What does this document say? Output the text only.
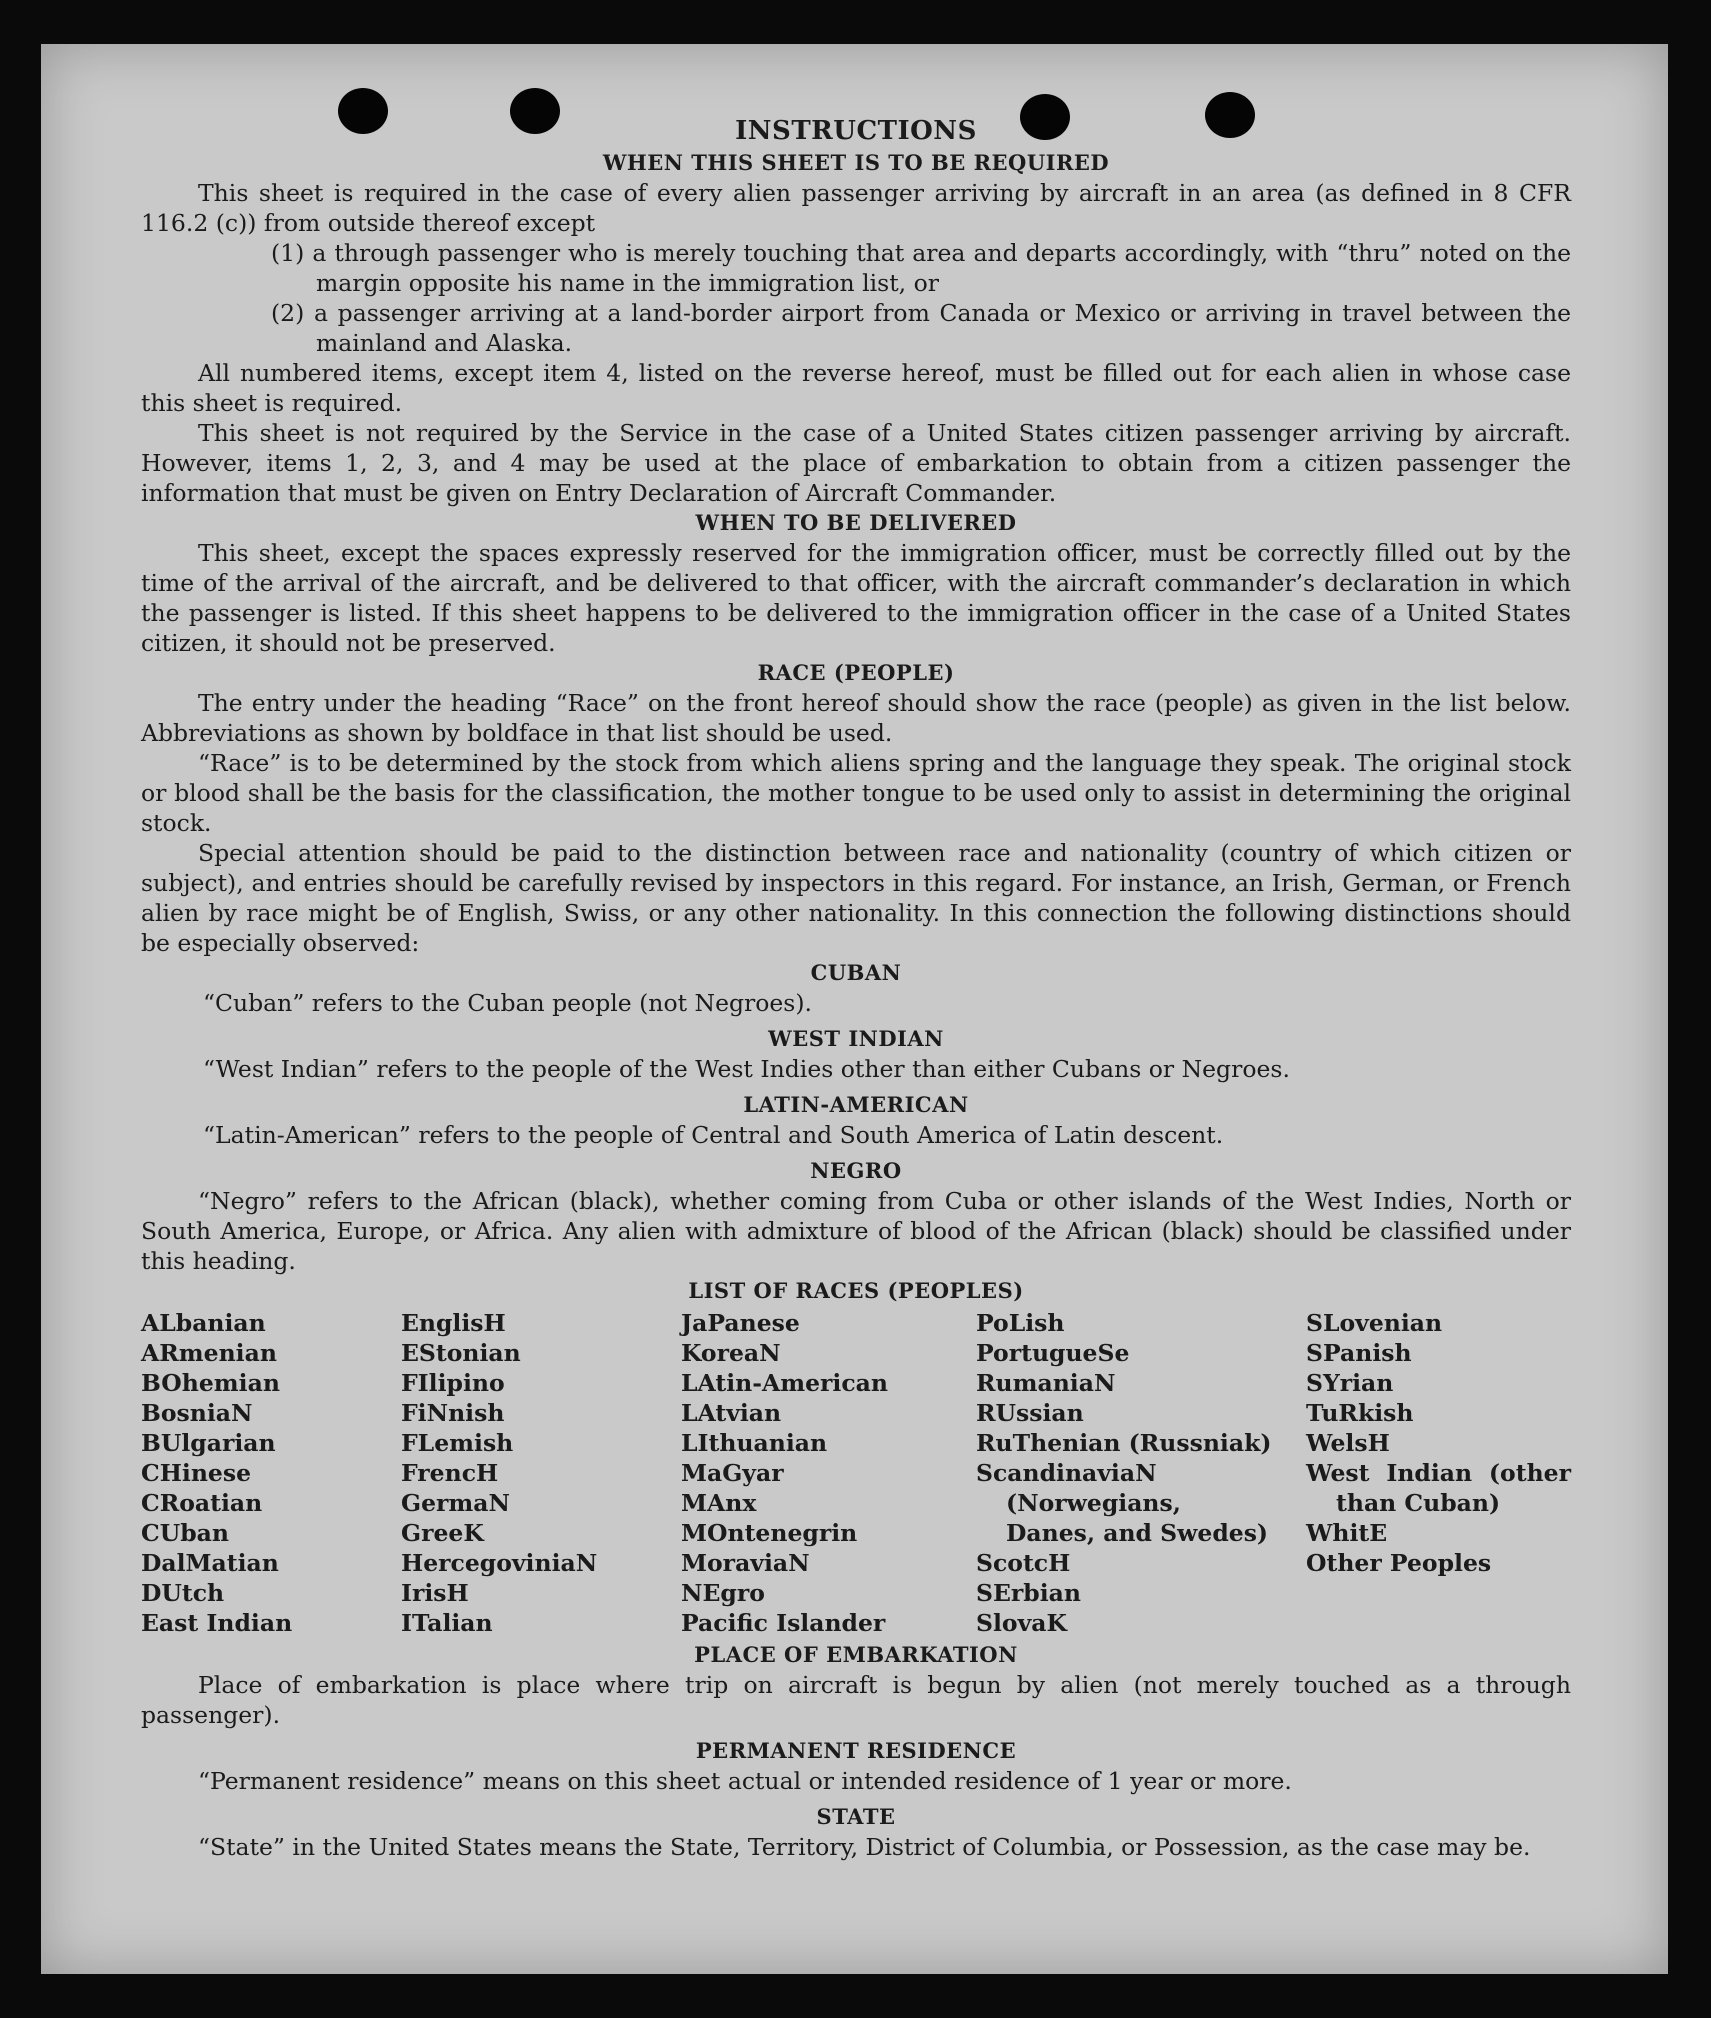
INSTRUCTIONS

WHEN THIS SHEET IS TO BE REQUIRED

This sheet is required in the case of every alien passenger arriving by aircraft in an area (as defined in 8 CFR 116.2 (c)) from outside thereof except

(1) a through passenger who is merely touching that area and departs accordingly, with “thru” noted on the margin opposite his name in the immigration list, or

(2) a passenger arriving at a land-border airport from Canada or Mexico or arriving in travel between the mainland and Alaska.

All numbered items, except item 4, listed on the reverse hereof, must be filled out for each alien in whose case this sheet is required.

This sheet is not required by the Service in the case of a United States citizen passenger arriving by aircraft. However, items 1, 2, 3, and 4 may be used at the place of embarkation to obtain from a citizen passenger the information that must be given on Entry Declaration of Aircraft Commander.

WHEN TO BE DELIVERED

This sheet, except the spaces expressly reserved for the immigration officer, must be correctly filled out by the time of the arrival of the aircraft, and be delivered to that officer, with the aircraft commander’s declaration in which the passenger is listed. If this sheet happens to be delivered to the immigration officer in the case of a United States citizen, it should not be preserved.

RACE (PEOPLE)

The entry under the heading “Race” on the front hereof should show the race (people) as given in the list below. Abbreviations as shown by boldface in that list should be used.

“Race” is to be determined by the stock from which aliens spring and the language they speak. The original stock or blood shall be the basis for the classification, the mother tongue to be used only to assist in determining the original stock.

Special attention should be paid to the distinction between race and nationality (country of which citizen or subject), and entries should be carefully revised by inspectors in this regard. For instance, an Irish, German, or French alien by race might be of English, Swiss, or any other nationality. In this connection the following distinctions should be especially observed:

CUBAN

“Cuban” refers to the Cuban people (not Negroes).

WEST INDIAN

“West Indian” refers to the people of the West Indies other than either Cubans or Negroes.

LATIN-AMERICAN

“Latin-American” refers to the people of Central and South America of Latin descent.

NEGRO

“Negro” refers to the African (black), whether coming from Cuba or other islands of the West Indies, North or South America, Europe, or Africa. Any alien with admixture of blood of the African (black) should be classified under this heading.

LIST OF RACES (PEOPLES)

ALbanian
ARmenian
BOhemian
BosniaN
BUlgarian
CHinese
CRoatian
CUban
DalMatian
DUtch
East Indian
EnglisH
EStonian
FIlipino
FiNnish
FLemish
FrencH
GermaN
GreeK
HercegoviniaN
IrisH
ITalian
JaPanese
KoreaN
LAtin-American
LAtvian
LIthuanian
MaGyar
MAnx
MOntenegrin
MoraviaN
NEgro
Pacific Islander
PoLish
PortugueSe
RumaniaN
RUssian
RuThenian (Russniak)
ScandinaviaN (Norwegians, Danes, and Swedes)
ScotcH
SErbian
SlovaK
SLovenian
SPanish
SYrian
TuRkish
WelsH
West Indian (other than Cuban)
WhitE
Other Peoples

PLACE OF EMBARKATION

Place of embarkation is place where trip on aircraft is begun by alien (not merely touched as a through passenger).

PERMANENT RESIDENCE

“Permanent residence” means on this sheet actual or intended residence of 1 year or more.

STATE

“State” in the United States means the State, Territory, District of Columbia, or Possession, as the case may be.
